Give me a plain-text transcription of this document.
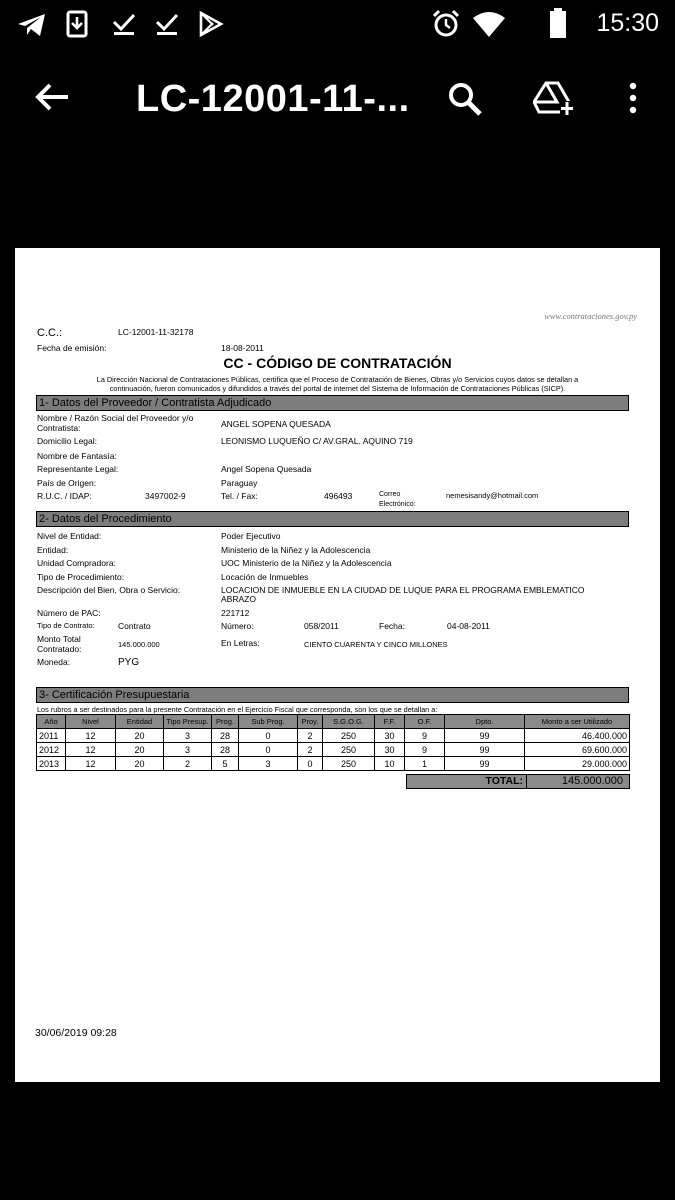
15:30
LC-12001-11-...
www.contrataciones.gov.py
C.C.:	LC-12001-11-32178
Fecha de emisión:	18-08-2011
CC - CÓDIGO DE CONTRATACIÓN
La Dirección Nacional de Contrataciones Públicas, certifica que el Proceso de Contratación de Bienes, Obras y/o Servicios cuyos datos se detallan a
continuación, fueron comunicados y difundidos a través del portal de internet del Sistema de Información de Contrataciones Públicas (SICP).
1- Datos del Proveedor / Contratista Adjudicado
Nombre / Razón Social del Proveedor y/o
Contratista:	ANGEL SOPENA QUESADA
Domicilio Legal:	LEONISMO LUQUEÑO C/ AV.GRAL. AQUINO 719
Nombre de Fantasía:
Representante Legal:	Angel Sopena Quesada
País de Origen:	Paraguay
R.U.C. / IDAP:	3497002-9	Tel. / Fax:	496493	Correo
Electrónico:
nemesisandy@hotmail.com
2- Datos del Procedimiento
Nivel de Entidad:	Poder Ejecutivo
Entidad:	Ministerio de la Niñez y la Adolescencia
Unidad Compradora:	UOC Ministerio de la Niñez y la Adolescencia
Tipo de Procedimiento:	Locación de Inmuebles
Descripción del Bien, Obra o Servicio:	LOCACION DE INMUEBLE EN LA CIUDAD DE LUQUE PARA EL PROGRAMA EMBLEMATICO
ABRAZO
Número de PAC:	221712
Tipo de Contrato:	Contrato	Número:	058/2011	Fecha:	04-08-2011
Monto Total
Contratado:	145.000.000	En Letras:	CIENTO CUARENTA Y CINCO MILLONES
Moneda:	PYG
3- Certificación Presupuestaria
Los rubros a ser destinados para la presente Contratación en el Ejercicio Fiscal que corresponda, son los que se detallan a:
Año	Nivel	Entidad	Tipo Presup.	Prog.	Sub Prog.	Proy.	S.G.O.G.	F.F.	O.F.	Dpto.	Monto a ser Utilizado
2011	12	20	3	28	0	2	250	30	9	99	46.400.000
2012	12	20	3	28	0	2	250	30	9	99	69.600.000
2013	12	20	2	5	3	0	250	10	1	99	29.000.000
TOTAL:	145.000.000
30/06/2019 09:28
